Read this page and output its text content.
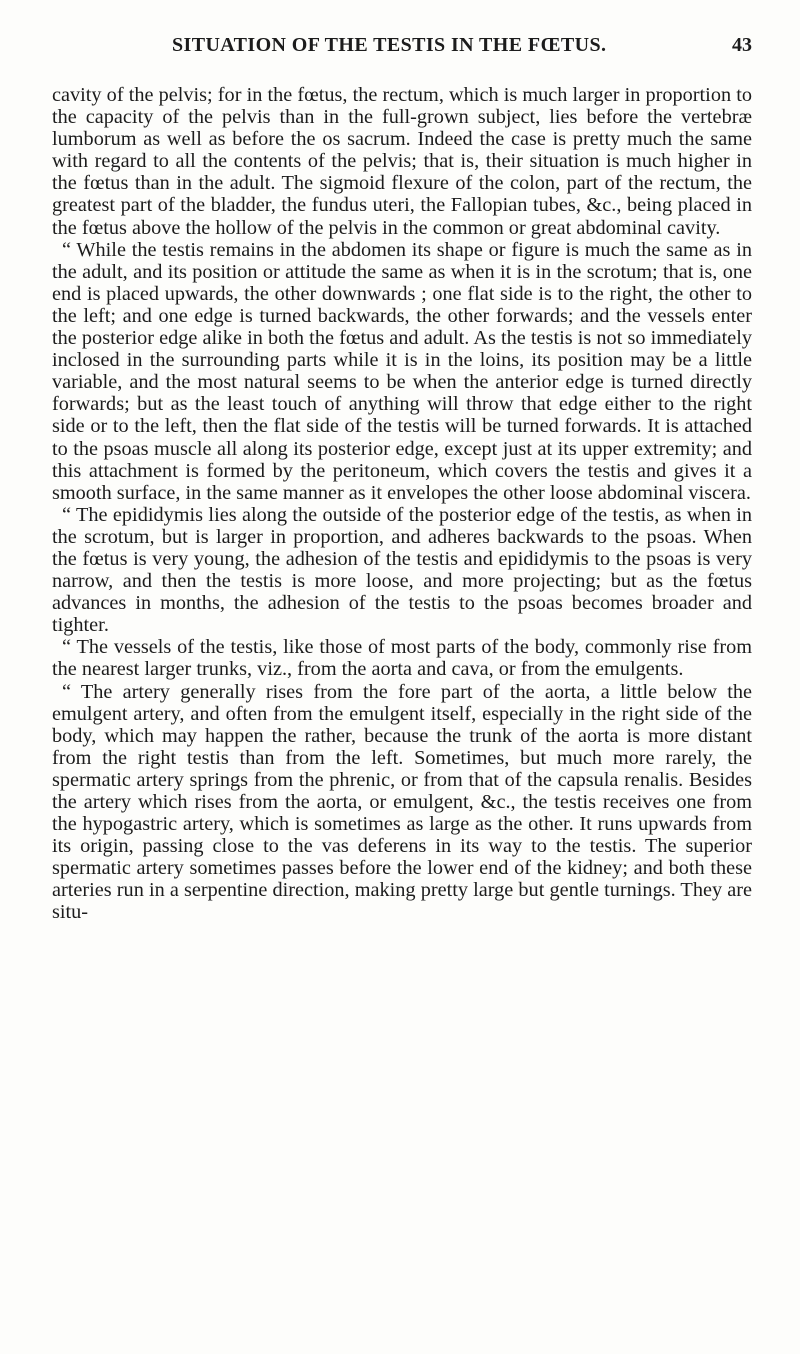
SITUATION OF THE TESTIS IN THE FŒTUS.	43

cavity of the pelvis; for in the fœtus, the rectum, which is much larger in proportion to the capacity of the pelvis than in the full-grown subject, lies before the vertebræ lumborum as well as before the os sacrum. Indeed the case is pretty much the same with regard to all the contents of the pelvis; that is, their situation is much higher in the fœtus than in the adult. The sigmoid flexure of the colon, part of the rectum, the greatest part of the bladder, the fundus uteri, the Fallopian tubes, &c., being placed in the fœtus above the hollow of the pelvis in the common or great abdominal cavity.

“ While the testis remains in the abdomen its shape or figure is much the same as in the adult, and its position or attitude the same as when it is in the scrotum; that is, one end is placed upwards, the other downwards ; one flat side is to the right, the other to the left; and one edge is turned backwards, the other forwards; and the vessels enter the posterior edge alike in both the fœtus and adult. As the testis is not so immediately inclosed in the surrounding parts while it is in the loins, its position may be a little variable, and the most natural seems to be when the anterior edge is turned directly forwards; but as the least touch of anything will throw that edge either to the right side or to the left, then the flat side of the testis will be turned forwards. It is attached to the psoas muscle all along its posterior edge, except just at its upper extremity; and this attachment is formed by the peritoneum, which covers the testis and gives it a smooth surface, in the same manner as it envelopes the other loose abdominal viscera.

“ The epididymis lies along the outside of the posterior edge of the testis, as when in the scrotum, but is larger in proportion, and adheres backwards to the psoas. When the fœtus is very young, the adhesion of the testis and epididymis to the psoas is very narrow, and then the testis is more loose, and more projecting; but as the fœtus advances in months, the adhesion of the testis to the psoas becomes broader and tighter.

“ The vessels of the testis, like those of most parts of the body, commonly rise from the nearest larger trunks, viz., from the aorta and cava, or from the emulgents.

“ The artery generally rises from the fore part of the aorta, a little below the emulgent artery, and often from the emulgent itself, especially in the right side of the body, which may happen the rather, because the trunk of the aorta is more distant from the right testis than from the left. Sometimes, but much more rarely, the spermatic artery springs from the phrenic, or from that of the capsula renalis. Besides the artery which rises from the aorta, or emulgent, &c., the testis receives one from the hypogastric artery, which is sometimes as large as the other. It runs upwards from its origin, passing close to the vas deferens in its way to the testis. The superior spermatic artery sometimes passes before the lower end of the kidney; and both these arteries run in a serpentine direction, making pretty large but gentle turnings. They are situ-
